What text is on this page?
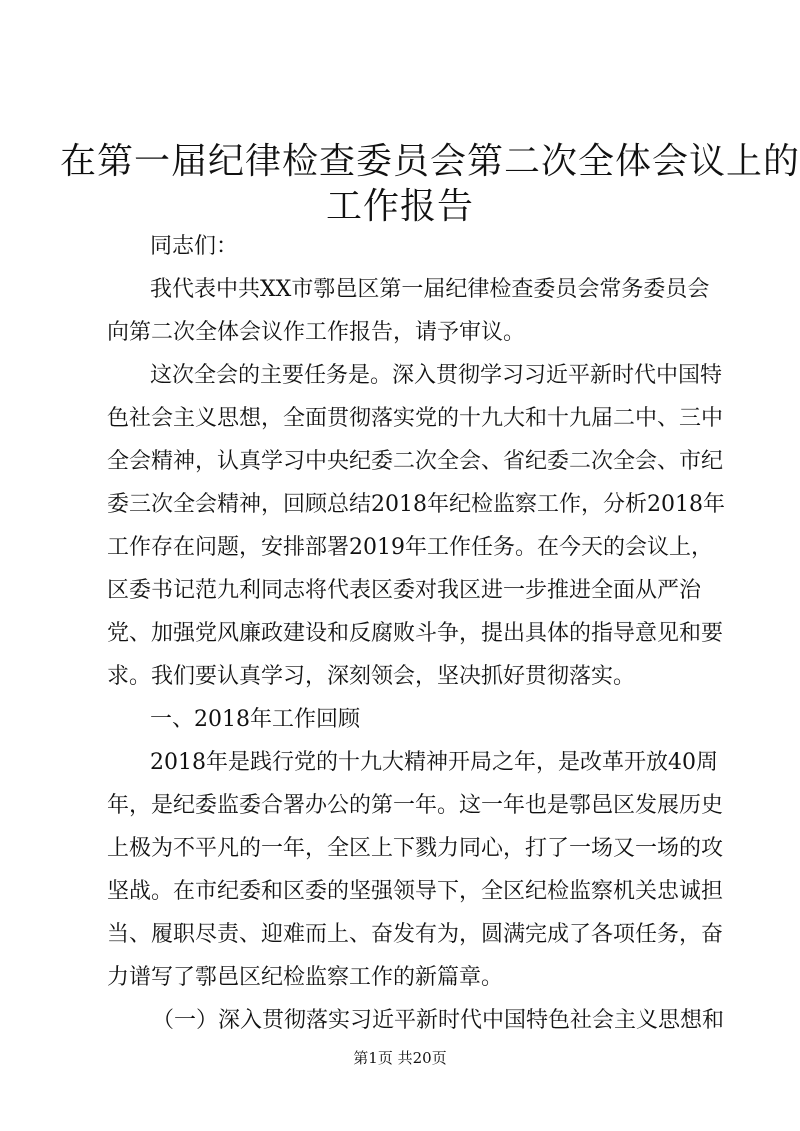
在第一届纪律检查委员会第二次全体会议上的
工作报告

同志们：

我代表中共XX市鄠邑区第一届纪律检查委员会常务委员会

向第二次全体会议作工作报告，请予审议。

这次全会的主要任务是。深入贯彻学习习近平新时代中国特

色社会主义思想，全面贯彻落实党的十九大和十九届二中、三中

全会精神，认真学习中央纪委二次全会、省纪委二次全会、市纪

委三次全会精神，回顾总结2018年纪检监察工作，分析2018年

工作存在问题，安排部署2019年工作任务。在今天的会议上，

区委书记范九利同志将代表区委对我区进一步推进全面从严治

党、加强党风廉政建设和反腐败斗争，提出具体的指导意见和要

求。我们要认真学习，深刻领会，坚决抓好贯彻落实。

一、2018年工作回顾

2018年是践行党的十九大精神开局之年，是改革开放40周

年，是纪委监委合署办公的第一年。这一年也是鄠邑区发展历史

上极为不平凡的一年，全区上下戮力同心，打了一场又一场的攻

坚战。在市纪委和区委的坚强领导下，全区纪检监察机关忠诚担

当、履职尽责、迎难而上、奋发有为，圆满完成了各项任务，奋

力谱写了鄠邑区纪检监察工作的新篇章。

（一）深入贯彻落实习近平新时代中国特色社会主义思想和

第1页 共20页
